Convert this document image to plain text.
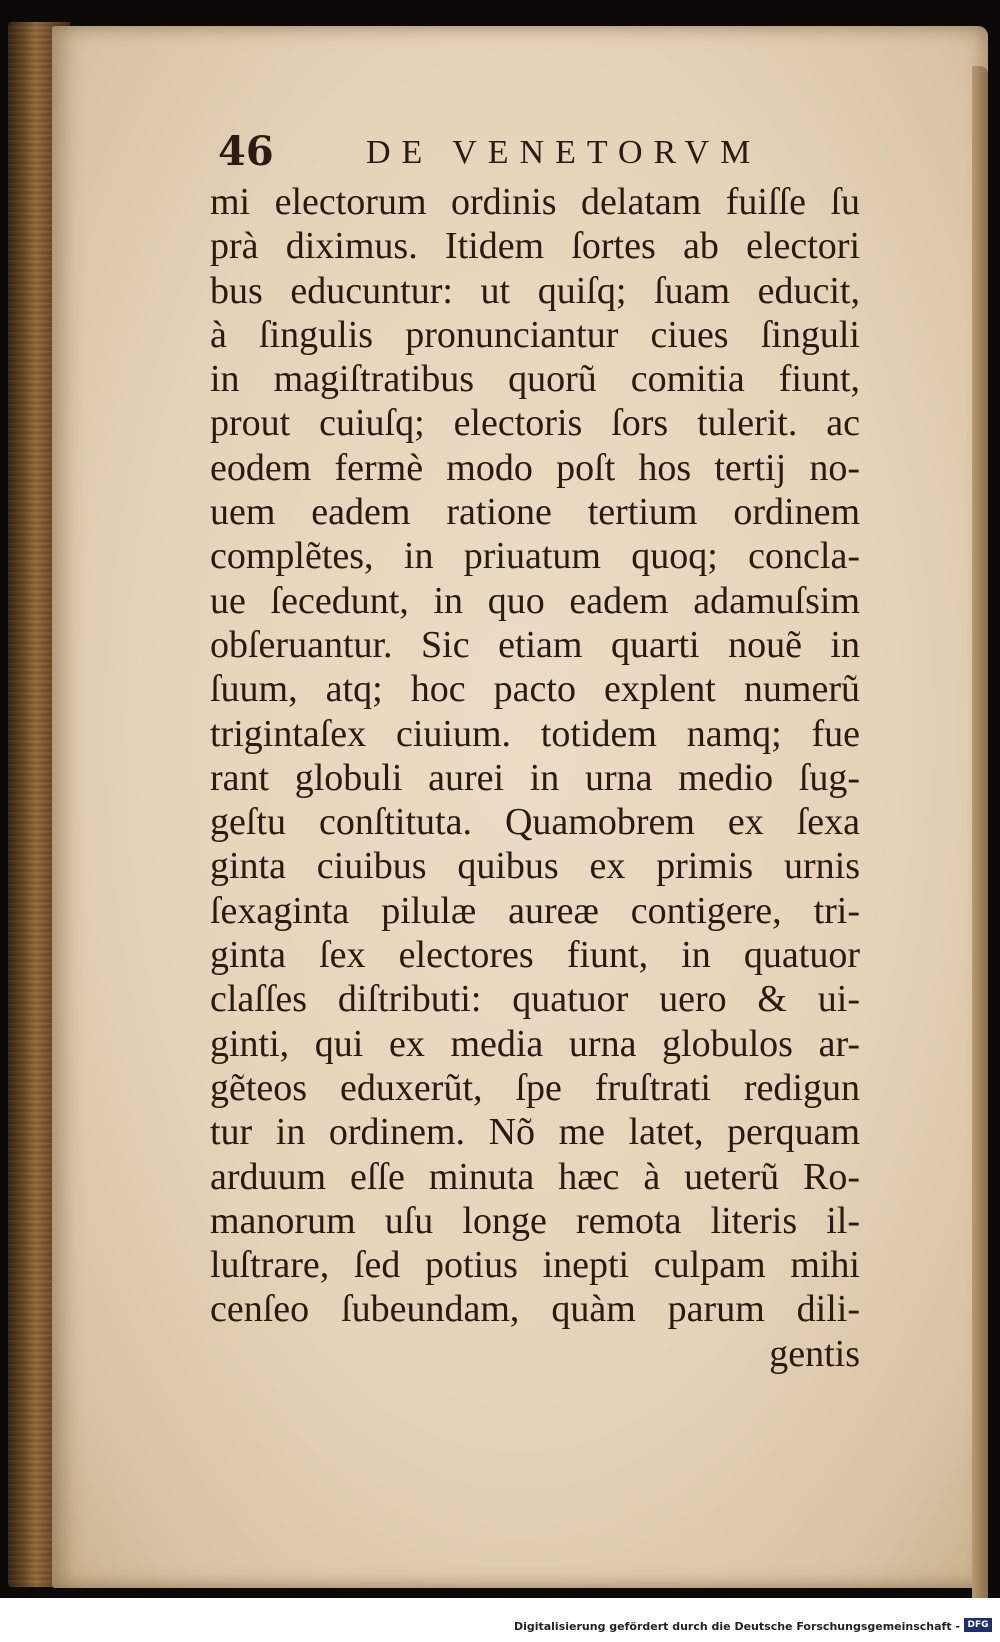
46	DE VENETORVM
mi electorum ordinis delatam fuiſſe ſu
prà diximus. Itidem ſortes ab electori
bus educuntur: ut quiſq; ſuam educit,
à ſingulis pronunciantur ciues ſinguli
in magiſtratibus quorũ comitia fiunt,
prout cuiuſq; electoris ſors tulerit. ac
eodem fermè modo poſt hos tertij no-
uem eadem ratione tertium ordinem
complẽtes, in priuatum quoq; concla-
ue ſecedunt, in quo eadem adamuſsim
obſeruantur. Sic etiam quarti nouẽ in
ſuum, atq; hoc pacto explent numerũ
trigintaſex ciuium. totidem namq; fue
rant globuli aurei in urna medio ſug-
geſtu conſtituta. Quamobrem ex ſexa
ginta ciuibus quibus ex primis urnis
ſexaginta pilulæ aureæ contigere, tri-
ginta ſex electores fiunt, in quatuor
claſſes diſtributi: quatuor uero & ui-
ginti, qui ex media urna globulos ar-
gẽteos eduxerũt, ſpe fruſtrati redigun
tur in ordinem. Nõ me latet, perquam
arduum eſſe minuta hæc à ueterũ Ro-
manorum uſu longe remota literis il-
luſtrare, ſed potius inepti culpam mihi
cenſeo ſubeundam, quàm parum dili-
gentis
Digitalisierung gefördert durch die Deutsche Forschungsgemeinschaft - DFG
